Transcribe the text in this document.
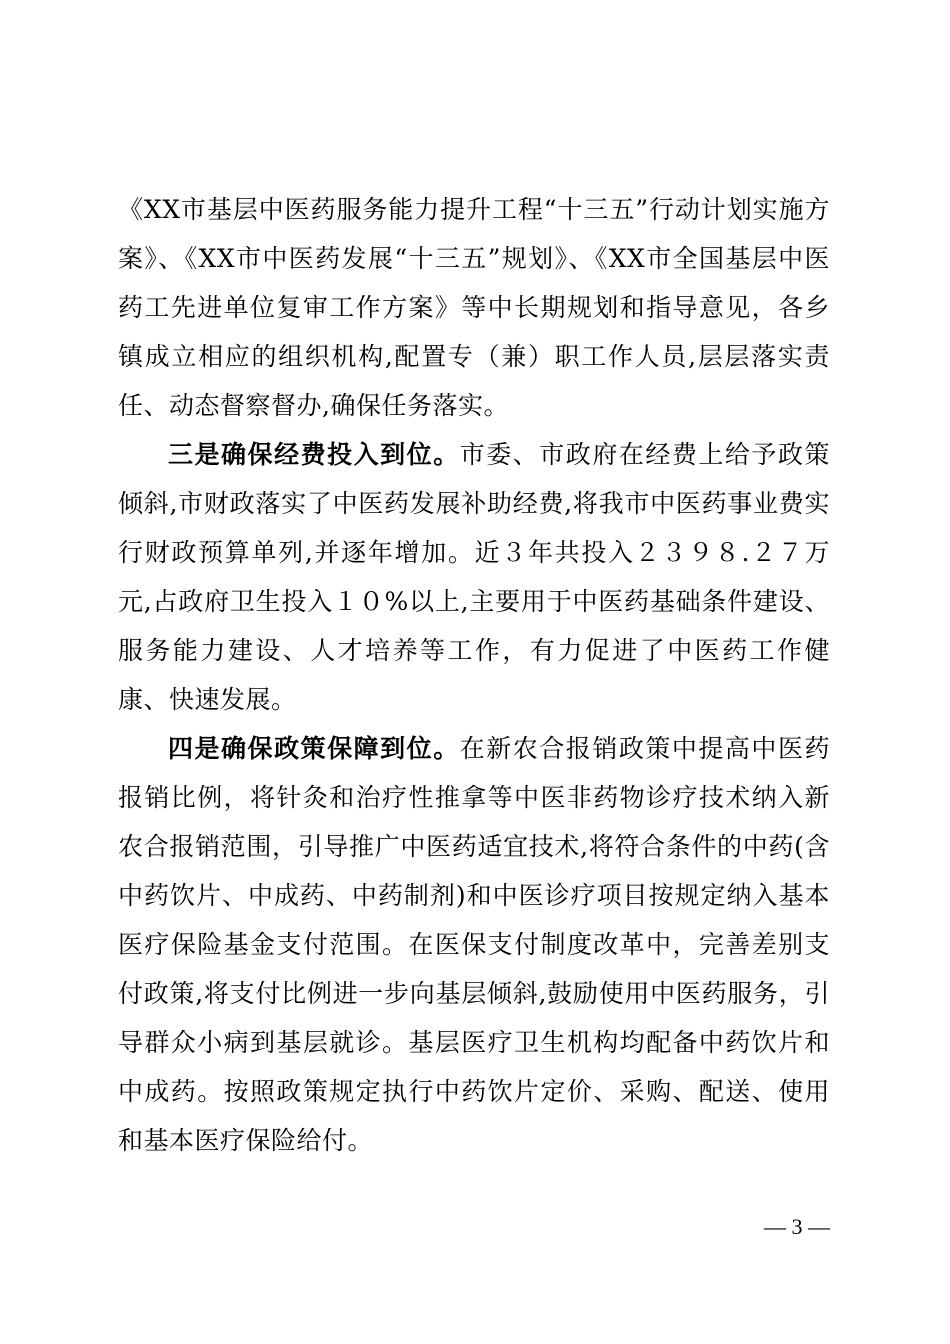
《XX市基层中医药服务能力提升工程“十三五”行动计划实施方案》、《XX市中医药发展“十三五”规划》、《XX市全国基层中医药工先进单位复审工作方案》等中长期规划和指导意见，各乡镇成立相应的组织机构,配置专（兼）职工作人员,层层落实责任、动态督察督办,确保任务落实。

三是确保经费投入到位。市委、市政府在经费上给予政策倾斜,市财政落实了中医药发展补助经费,将我市中医药事业费实行财政预算单列,并逐年增加。近３年共投入２３９８.２７万元,占政府卫生投入１０%以上,主要用于中医药基础条件建设、服务能力建设、人才培养等工作，有力促进了中医药工作健康、快速发展。

四是确保政策保障到位。在新农合报销政策中提高中医药报销比例，将针灸和治疗性推拿等中医非药物诊疗技术纳入新农合报销范围，引导推广中医药适宜技术,将符合条件的中药(含中药饮片、中成药、中药制剂)和中医诊疗项目按规定纳入基本医疗保险基金支付范围。在医保支付制度改革中，完善差别支付政策,将支付比例进一步向基层倾斜,鼓励使用中医药服务，引导群众小病到基层就诊。基层医疗卫生机构均配备中药饮片和中成药。按照政策规定执行中药饮片定价、采购、配送、使用和基本医疗保险给付。

— 3 —
